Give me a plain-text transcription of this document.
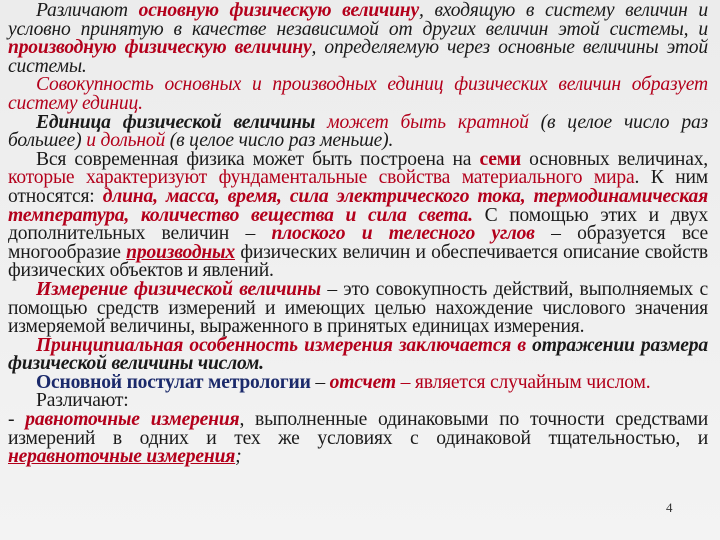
Различают основную физическую величину, входящую в систему величин и условно принятую в качестве независимой от других величин этой системы, и производную физическую величину, определяемую через основные величины этой системы.

Совокупность основных и производных единиц физических величин образует систему единиц.

Единица физической величины может быть кратной (в целое число раз большее) и дольной (в целое число раз меньше).

Вся современная физика может быть построена на семи основных величинах, которые характеризуют фундаментальные свойства материального мира. К ним относятся: длина, масса, время, сила электрического тока, термодинамическая температура, количество вещества и сила света. С помощью этих и двух дополнительных величин – плоского и телесного углов – образуется все многообразие производных физических величин и обеспечивается описание свойств физических объектов и явлений.

Измерение физической величины – это совокупность действий, выполняемых с помощью средств измерений и имеющих целью нахождение числового значения измеряемой величины, выраженного в принятых единицах измерения.

Принципиальная особенность измерения заключается в отражении размера физической величины числом.

Основной постулат метрологии – отсчет – является случайным числом.

Различают:

- равноточные измерения, выполненные одинаковыми по точности средствами измерений в одних и тех же условиях с одинаковой тщательностью, и неравноточные измерения;

4
